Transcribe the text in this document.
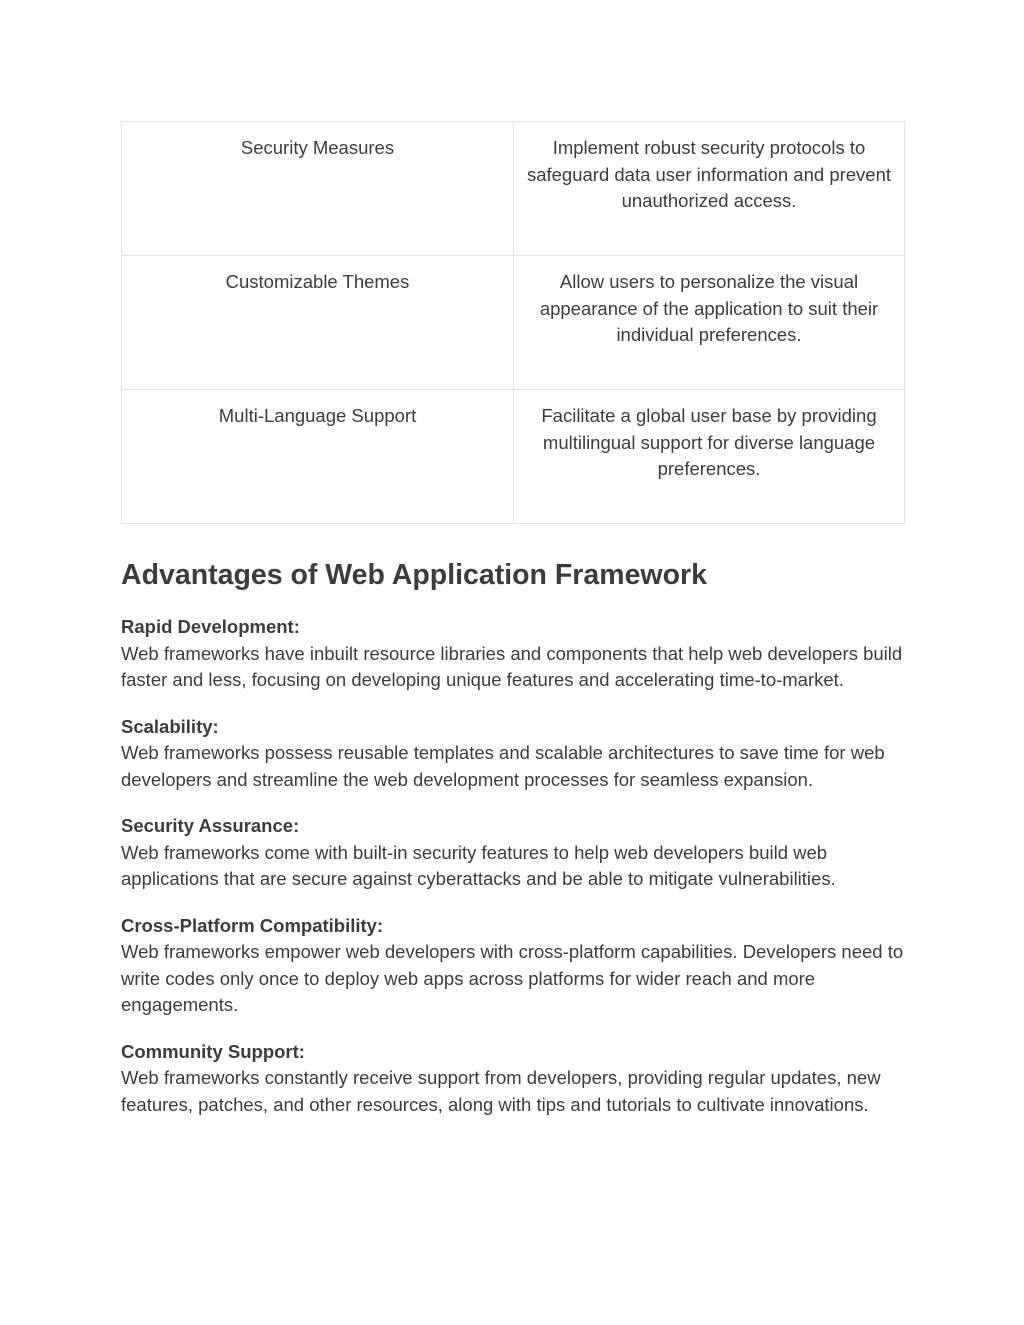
Security Measures	Implement robust security protocols to safeguard data user information and prevent unauthorized access.
Customizable Themes	Allow users to personalize the visual appearance of the application to suit their individual preferences.
Multi-Language Support	Facilitate a global user base by providing multilingual support for diverse language preferences.
Advantages of Web Application Framework
Rapid Development:
Web frameworks have inbuilt resource libraries and components that help web developers build faster and less, focusing on developing unique features and accelerating time-to-market.
Scalability:
Web frameworks possess reusable templates and scalable architectures to save time for web developers and streamline the web development processes for seamless expansion.
Security Assurance:
Web frameworks come with built-in security features to help web developers build web applications that are secure against cyberattacks and be able to mitigate vulnerabilities.
Cross-Platform Compatibility:
Web frameworks empower web developers with cross-platform capabilities. Developers need to write codes only once to deploy web apps across platforms for wider reach and more engagements.
Community Support:
Web frameworks constantly receive support from developers, providing regular updates, new features, patches, and other resources, along with tips and tutorials to cultivate innovations.
